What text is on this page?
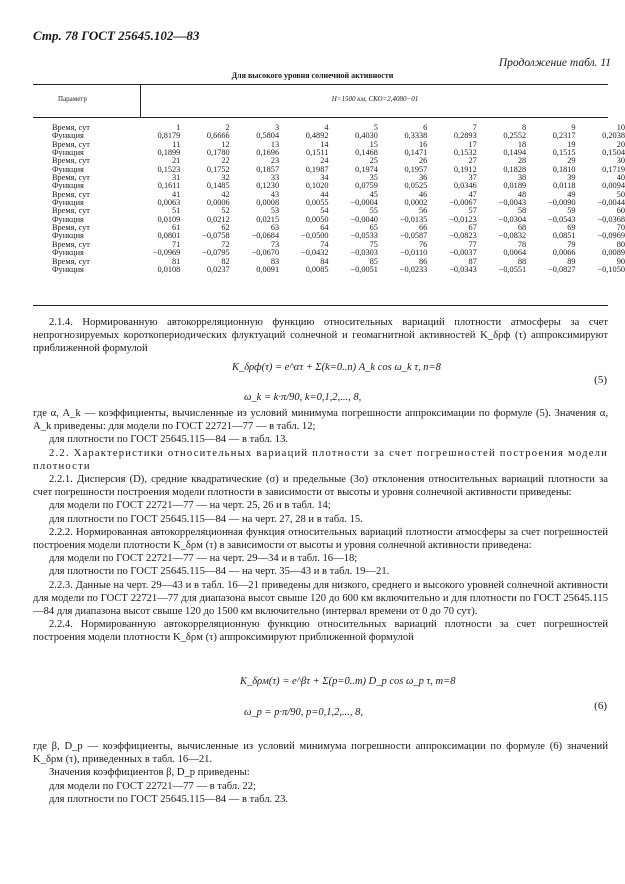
Стр. 78 ГОСТ 25645.102—83
Продолжение табл. 11
Для высокого уровня солнечной активности
Параметр	H=1500 км, СКО=2,4080−01
Время, сут	1	2	3	4	5	6	7	8	9	10
Функция	0,8179	0,6666	0,5804	0,4892	0,4030	0,3338	0,2893	0,2552	0,2317	0,2038
Время, сут	11	12	13	14	15	16	17	18	19	20
Функция	0,1899	0,1780	0,1696	0,1511	0,1468	0,1471	0,1532	0,1494	0,1515	0,1504
Время, сут	21	22	23	24	25	26	27	28	29	30
Функция	0,1523	0,1752	0,1857	0,1987	0,1974	0,1957	0,1912	0,1828	0,1810	0,1719
Время, сут	31	32	33	34	35	36	37	38	39	40
Функция	0,1611	0,1485	0,1230	0,1020	0,0759	0,0525	0,0346	0,0189	0,0118	0,0094
Время, сут	41	42	43	44	45	46	47	48	49	50
Функция	0,0063	0,0006	0,0008	0,0055	−0,0004	0,0002	−0,0067	−0,0043	−0,0090	−0,0044
Время, сут	51	52	53	54	55	56	57	58	59	60
Функция	0,0109	0,0212	0,0215	0,0050	−0,0040	−0,0135	−0,0123	−0,0304	−0,0543	−0,0368
Время, сут	61	62	63	64	65	66	67	68	69	70
Функция	0,0801	−0,0758	−0,0684	−0,0500	−0,0533	−0,0587	−0,0823	−0,0832	0,0851	−0,0969
Время, сут	71	72	73	74	75	76	77	78	79	80
Функция	−0,0969	−0,0795	−0,0670	−0,0432	−0,0303	−0,0110	−0,0037	0,0064	0,0066	0,0089
Время, сут	81	82	83	84	85	86	87	88	89	90
Функция	0,0108	0,0237	0,0091	0,0085	−0,0051	−0,0233	−0,0343	−0,0551	−0,0827	−0,1050

2.1.4. Нормированную автокорреляционную функцию относительных вариаций плотности атмосферы за счет непрогнозируемых короткопериодических флуктуаций солнечной и геомагнитной активностей K_δρф (τ) аппроксимируют приближенной формулой

K_δρф(τ) = e^ατ + Σ(k=0..n) A_k cos ω_k τ, n=8
ω_k = k·π/90, k=0,1,2,..., 8,
(5)

где α, A_k — коэффициенты, вычисленные из условий минимума погрешности аппроксимации по формуле (5). Значения α, A_k приведены: для модели по ГОСТ 22721—77 — в табл. 12;

для плотности по ГОСТ 25645.115—84 — в табл. 13.

2.2. Характеристики относительных вариаций плотности за счет погрешностей построения модели плотности

2.2.1. Дисперсия (D), средние квадратические (σ) и предельные (3σ) отклонения относительных вариаций плотности за счет погрешности построения модели плотности в зависимости от высоты и уровня солнечной активности приведены:

для модели по ГОСТ 22721—77 — на черт. 25, 26 и в табл. 14;

для плотности по ГОСТ 25645.115—84 — на черт. 27, 28 и в табл. 15.

2.2.2. Нормированная автокорреляционная функция относительных вариаций плотности атмосферы за счет погрешностей построения модели плотности K_δρм (τ) в зависимости от высоты и уровня солнечной активности приведена:

для модели по ГОСТ 22721—77 — на черт. 29—34 и в табл. 16—18;

для плотности по ГОСТ 25645.115—84 — на черт. 35—43 и в табл. 19—21.

2.2.3. Данные на черт. 29—43 и в табл. 16—21 приведены для низкого, среднего и высокого уровней солнечной активности для модели по ГОСТ 22721—77 для диапазона высот свыше 120 до 600 км включительно и для плотности по ГОСТ 25645.115—84 для диапазона высот свыше 120 до 1500 км включительно (интервал времени от 0 до 70 сут).

2.2.4. Нормированную автокорреляционную функцию относительных вариаций плотности за счет погрешностей построения модели плотности K_δρм (τ) аппроксимируют приближенной формулой

K_δρм(τ) = e^βτ + Σ(p=0..m) D_p cos ω_p τ, m=8
ω_p = p·π/90, p=0,1,2,..., 8,
(6)

где β, D_p — коэффициенты, вычисленные из условий минимума погрешности аппроксимации по формуле (6) значений K_δρм (τ), приведенных в табл. 16—21.

Значения коэффициентов β, D_p приведены:

для модели по ГОСТ 22721—77 — в табл. 22;

для плотности по ГОСТ 25645.115—84 — в табл. 23.
